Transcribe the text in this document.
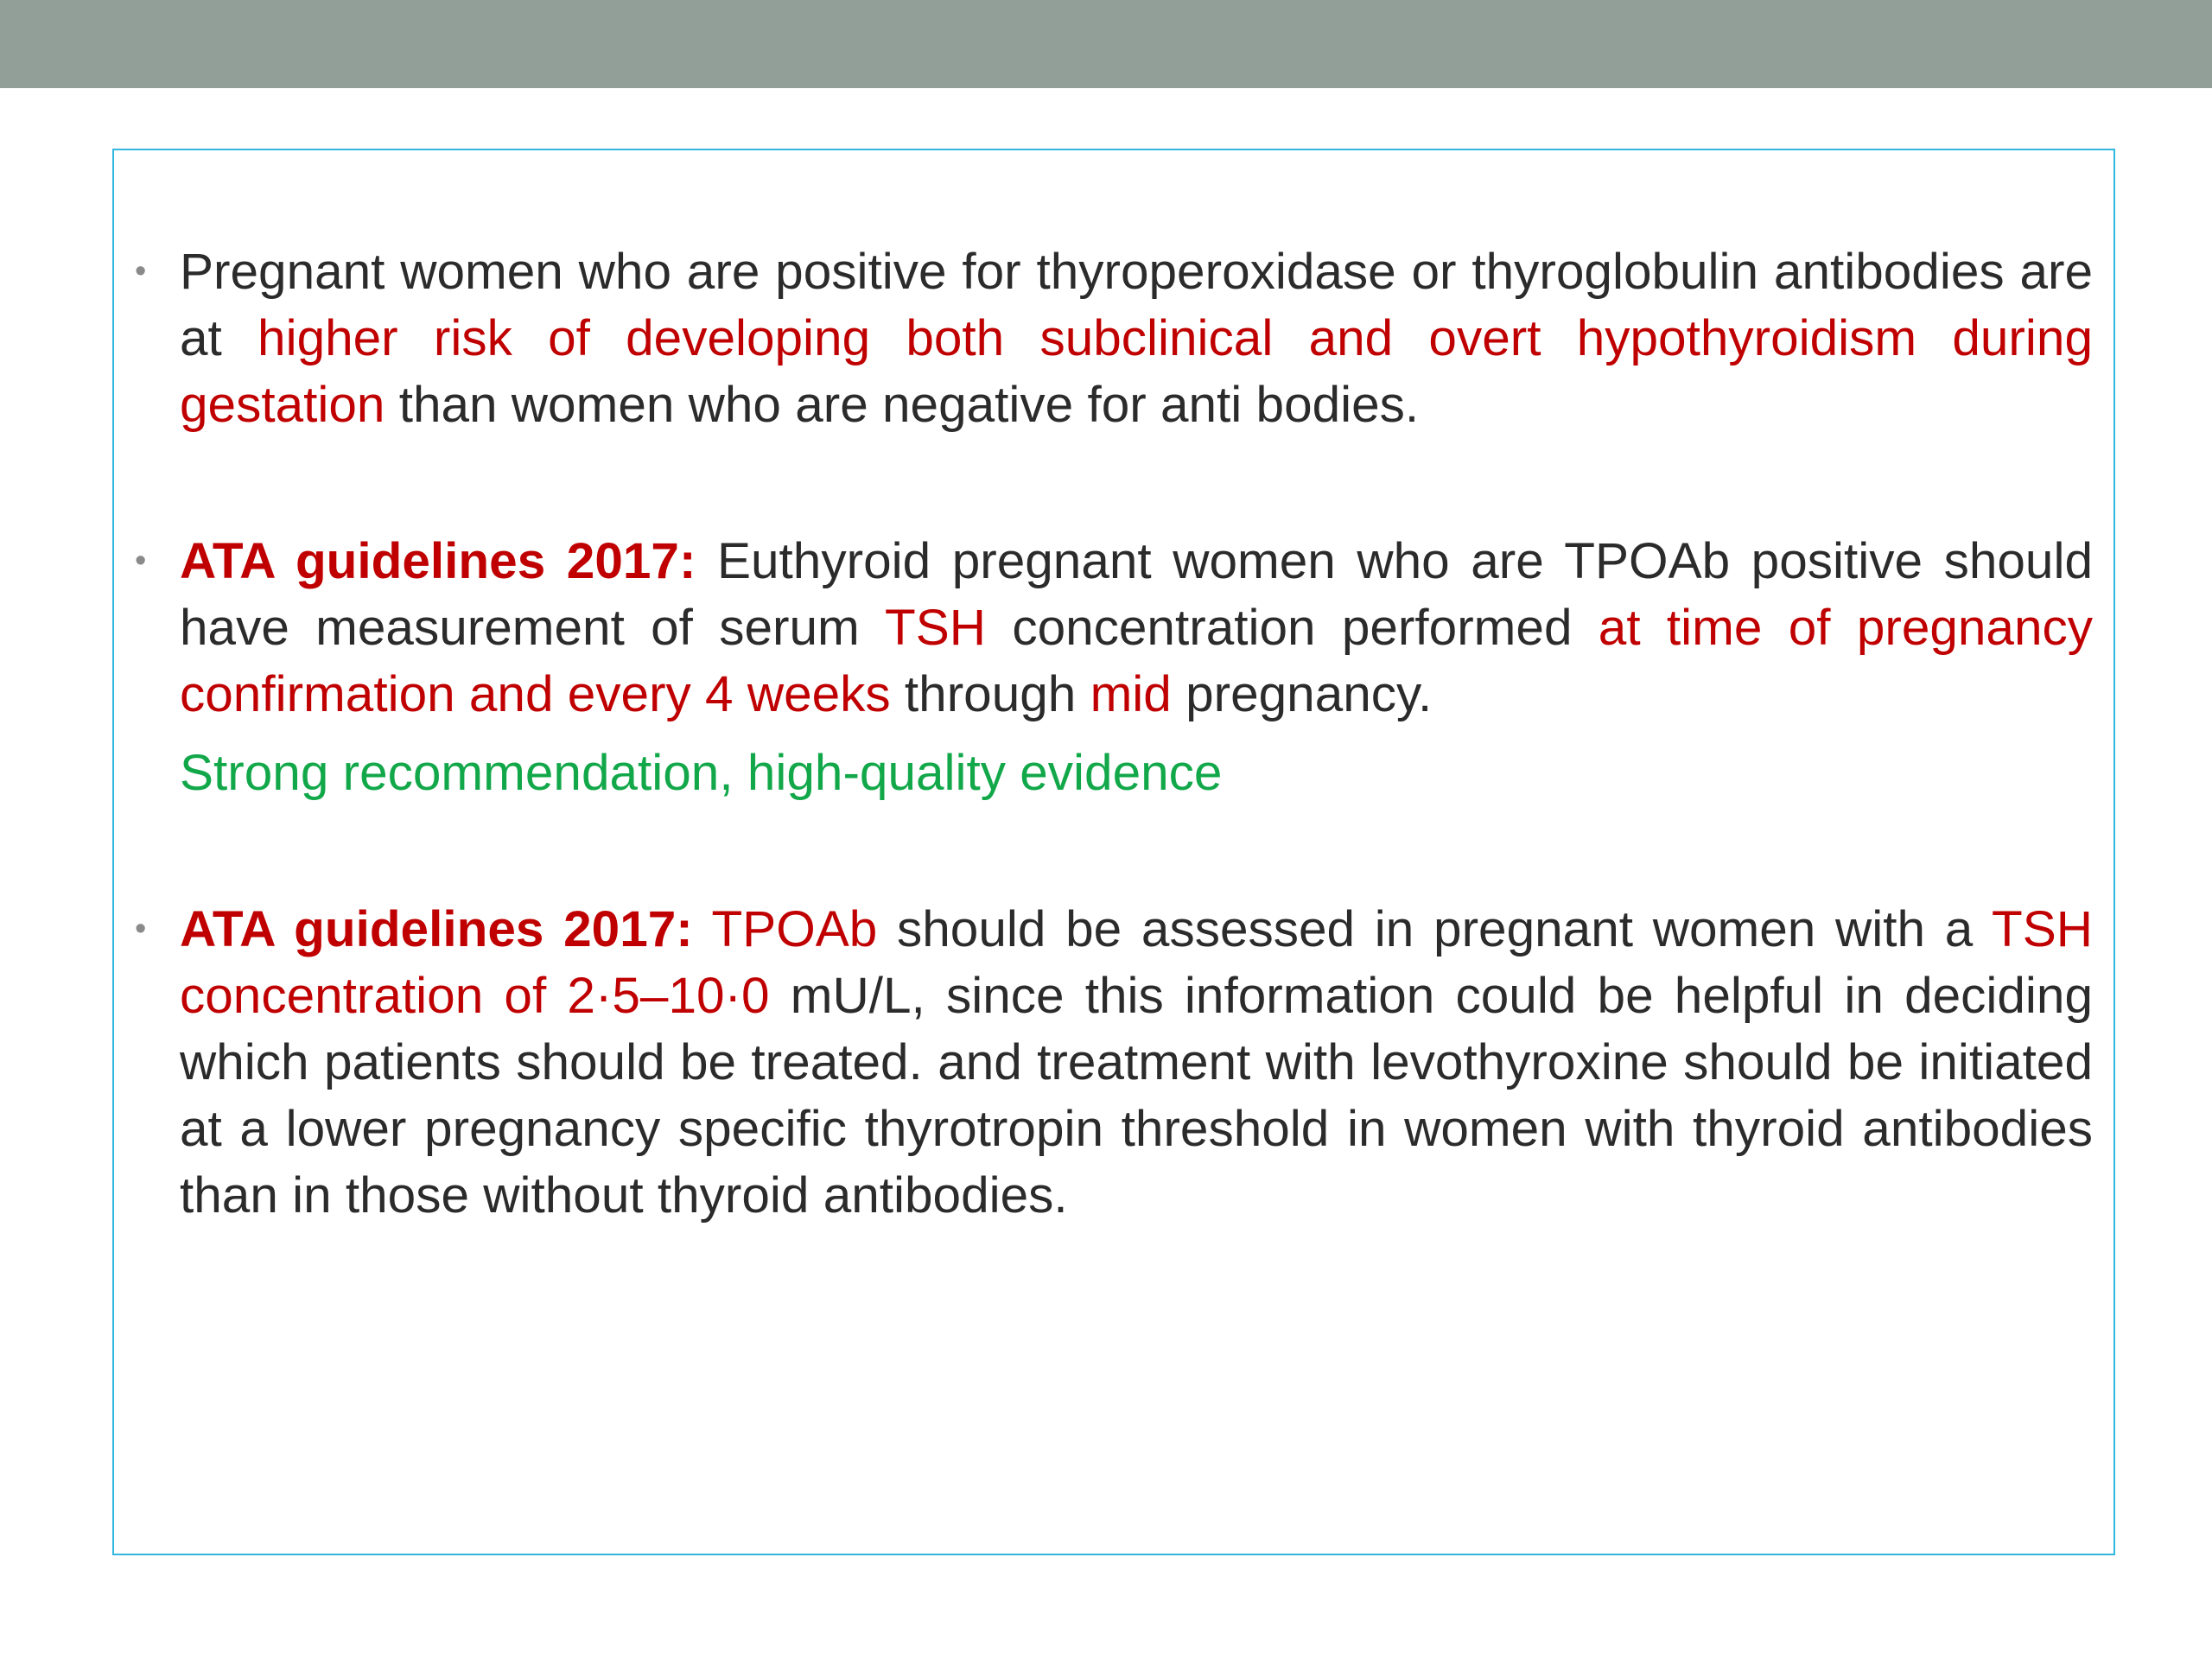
• Pregnant women who are positive for thyroperoxidase or thyroglobulin antibodies are at higher risk of developing both subclinical and overt hypothyroidism during gestation than women who are negative for anti bodies.
• ATA guidelines 2017: Euthyroid pregnant women who are TPOAb positive should have measurement of serum TSH concentration performed at time of pregnancy confirmation and every 4 weeks through mid pregnancy.
Strong recommendation, high-quality evidence
• ATA guidelines 2017: TPOAb should be assessed in pregnant women with a TSH concentration of 2·5–10·0 mU/L, since this information could be helpful in deciding which patients should be treated. and treatment with levothyroxine should be initiated at a lower pregnancy specific thyrotropin threshold in women with thyroid antibodies than in those without thyroid antibodies.
